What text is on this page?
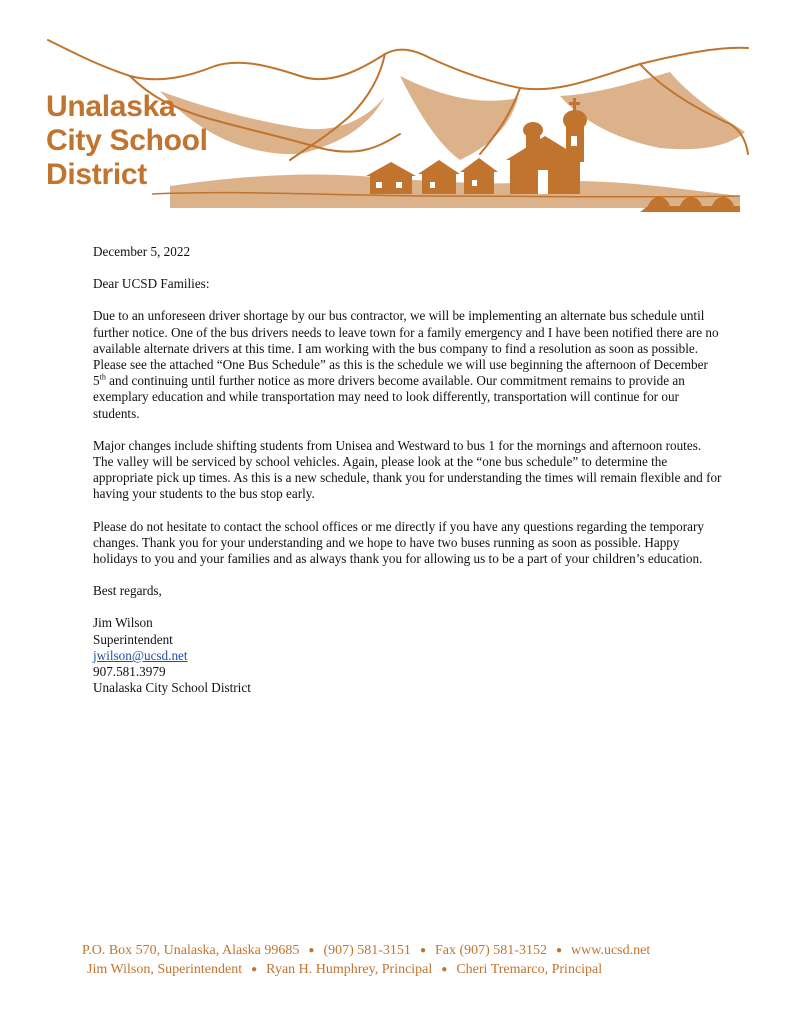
Unalaska
City School
District

December 5, 2022

Dear UCSD Families:

Due to an unforeseen driver shortage by our bus contractor, we will be implementing an alternate bus schedule until further notice. One of the bus drivers needs to leave town for a family emergency and I have been notified there are no available alternate drivers at this time. I am working with the bus company to find a resolution as soon as possible. Please see the attached “One Bus Schedule” as this is the schedule we will use beginning the afternoon of December 5th and continuing until further notice as more drivers become available. Our commitment remains to provide an exemplary education and while transportation may need to look differently, transportation will continue for our students.

Major changes include shifting students from Unisea and Westward to bus 1 for the mornings and afternoon routes. The valley will be serviced by school vehicles. Again, please look at the “one bus schedule” to determine the appropriate pick up times. As this is a new schedule, thank you for understanding the times will remain flexible and for having your students to the bus stop early.

Please do not hesitate to contact the school offices or me directly if you have any questions regarding the temporary changes. Thank you for your understanding and we hope to have two buses running as soon as possible. Happy holidays to you and your families and as always thank you for allowing us to be a part of your children’s education.

Best regards,

Jim Wilson
Superintendent
jwilson@ucsd.net
907.581.3979
Unalaska City School District
P.O. Box 570, Unalaska, Alaska 99685 ● (907) 581-3151 ● Fax (907) 581-3152 ● www.ucsd.net
Jim Wilson, Superintendent ● Ryan H. Humphrey, Principal ● Cheri Tremarco, Principal
